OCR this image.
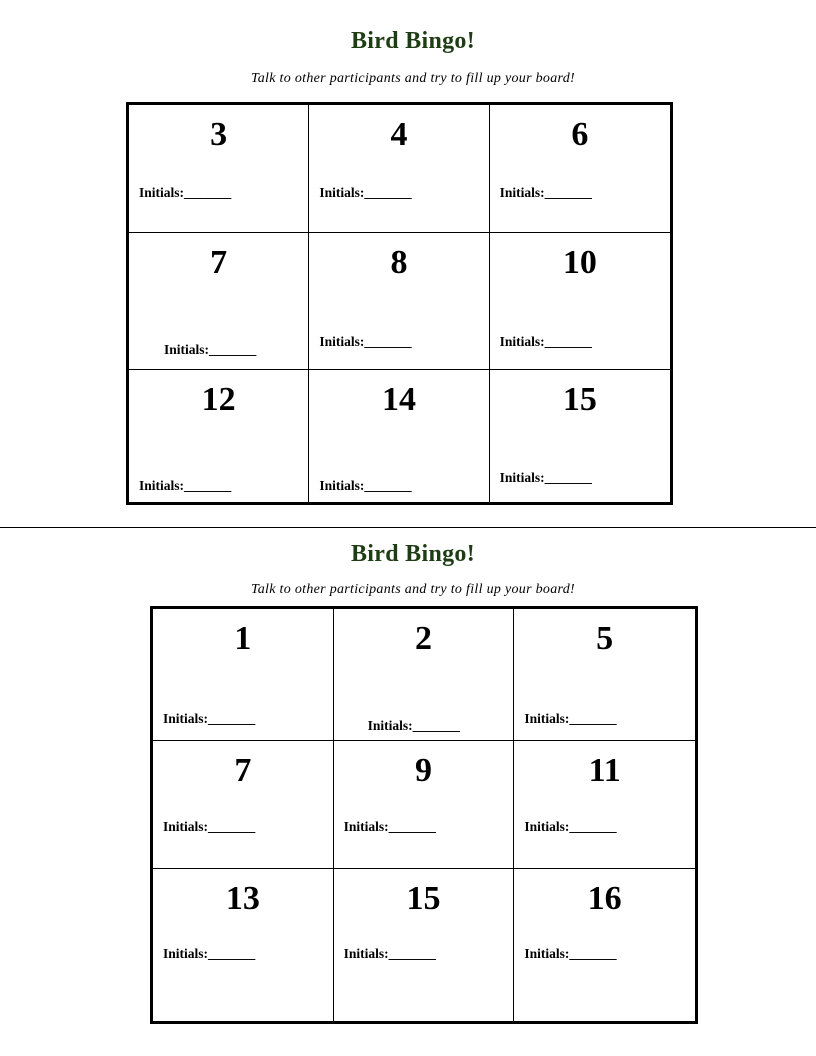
Bird Bingo!
Talk to other participants and try to fill up your board!
3
Initials:_______
4
Initials:_______
6
Initials:_______
7
Initials:_______
8
Initials:_______
10
Initials:_______
12
Initials:_______
14
Initials:_______
15
Initials:_______
Bird Bingo!
Talk to other participants and try to fill up your board!
1
Initials:_______
2
Initials:_______
5
Initials:_______
7
Initials:_______
9
Initials:_______
11
Initials:_______
13
Initials:_______
15
Initials:_______
16
Initials:_______
